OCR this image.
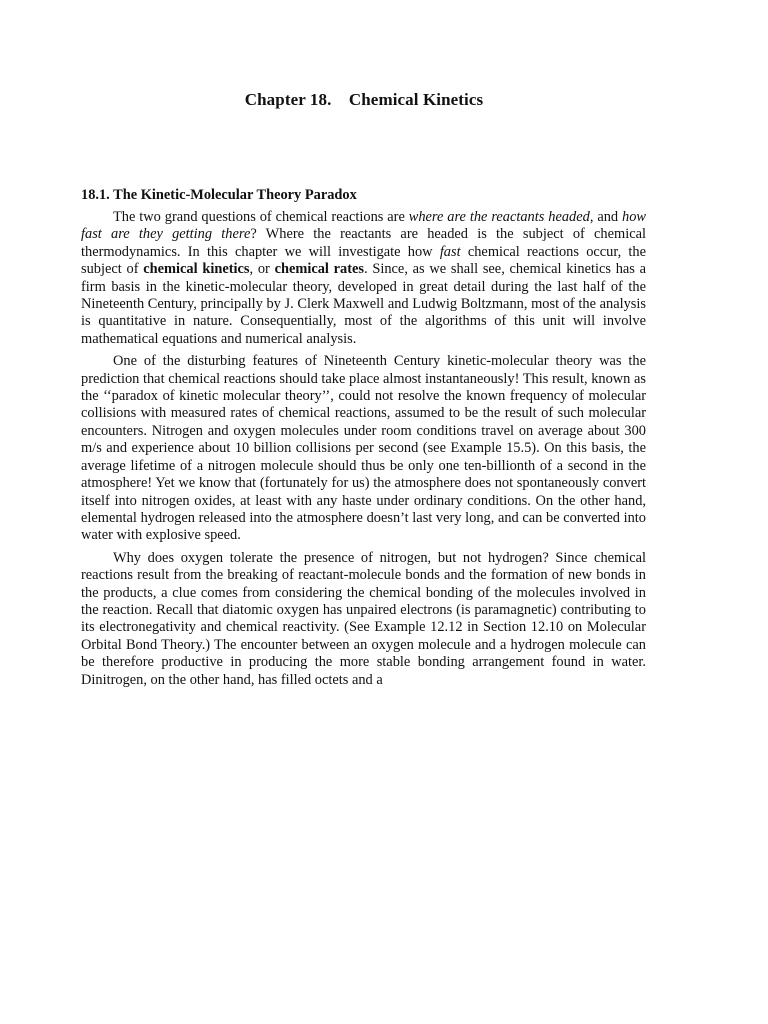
Chapter 18. Chemical Kinetics
18.1. The Kinetic-Molecular Theory Paradox

The two grand questions of chemical reactions are where are the reactants headed, and how fast are they getting there? Where the reactants are headed is the subject of chemical thermodynamics. In this chapter we will investigate how fast chemical reactions occur, the subject of chemical kinetics, or chemical rates. Since, as we shall see, chemical kinetics has a firm basis in the kinetic-molecular theory, developed in great detail during the last half of the Nineteenth Century, principally by J. Clerk Maxwell and Ludwig Boltzmann, most of the analysis is quantitative in nature. Consequentially, most of the algorithms of this unit will involve mathematical equations and numerical analysis.

One of the disturbing features of Nineteenth Century kinetic-molecular theory was the prediction that chemical reactions should take place almost instantaneously! This result, known as the ‘‘paradox of kinetic molecular theory’’, could not resolve the known frequency of molecular collisions with measured rates of chemical reactions, assumed to be the result of such molecular encounters. Nitrogen and oxygen molecules under room conditions travel on average about 300 m/s and experience about 10 billion collisions per second (see Example 15.5). On this basis, the average lifetime of a nitrogen molecule should thus be only one ten-billionth of a second in the atmosphere! Yet we know that (fortunately for us) the atmosphere does not spontaneously convert itself into nitrogen oxides, at least with any haste under ordinary conditions. On the other hand, elemental hydrogen released into the atmosphere doesn’t last very long, and can be converted into water with explosive speed.

Why does oxygen tolerate the presence of nitrogen, but not hydrogen? Since chemical reactions result from the breaking of reactant-molecule bonds and the formation of new bonds in the products, a clue comes from considering the chemical bonding of the molecules involved in the reaction. Recall that diatomic oxygen has unpaired electrons (is paramagnetic) contributing to its electronegativity and chemical reactivity. (See Example 12.12 in Section 12.10 on Molecular Orbital Bond Theory.) The encounter between an oxygen molecule and a hydrogen molecule can be therefore productive in producing the more stable bonding arrangement found in water. Dinitrogen, on the other hand, has filled octets and a
